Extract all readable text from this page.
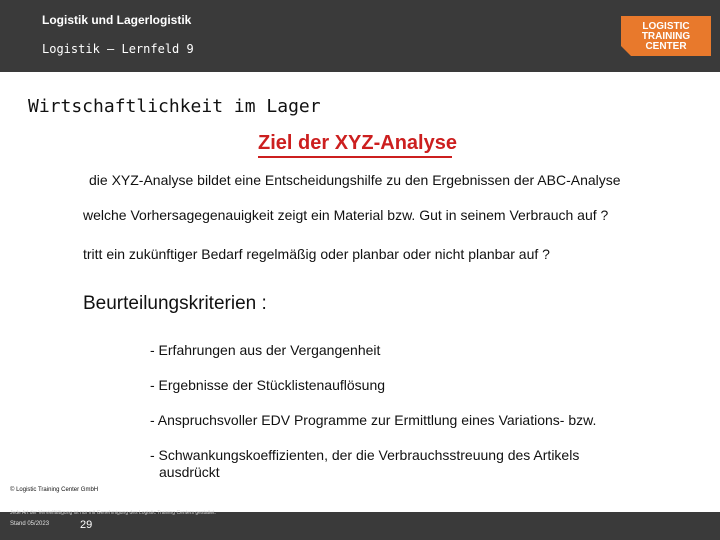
Logistik und Lagerlogistik
Logistik – Lernfeld 9
LOGISTIC
TRAINING
CENTER
Wirtschaftlichkeit im Lager
Ziel der XYZ-Analyse
die XYZ-Analyse bildet eine Entscheidungshilfe zu den Ergebnissen der ABC-Analyse
welche Vorhersagegenauigkeit zeigt ein Material bzw. Gut in seinem Verbrauch auf ?
tritt ein zukünftiger Bedarf regelmäßig oder planbar oder nicht planbar auf ?
Beurteilungskriterien :
- Erfahrungen aus der Vergangenheit
- Ergebnisse der Stücklistenauflösung
- Anspruchsvoller EDV Programme zur Ermittlung eines Variations- bzw.
- Schwankungskoeffizienten, der die Verbrauchsstreuung des Artikels
ausdrückt
© Logistic Training Center GmbH
Jede Art der Vervielfältigung ist nur mit Genehmigung des Logistic Training Centers gestattet.
Stand 05/2023	29
